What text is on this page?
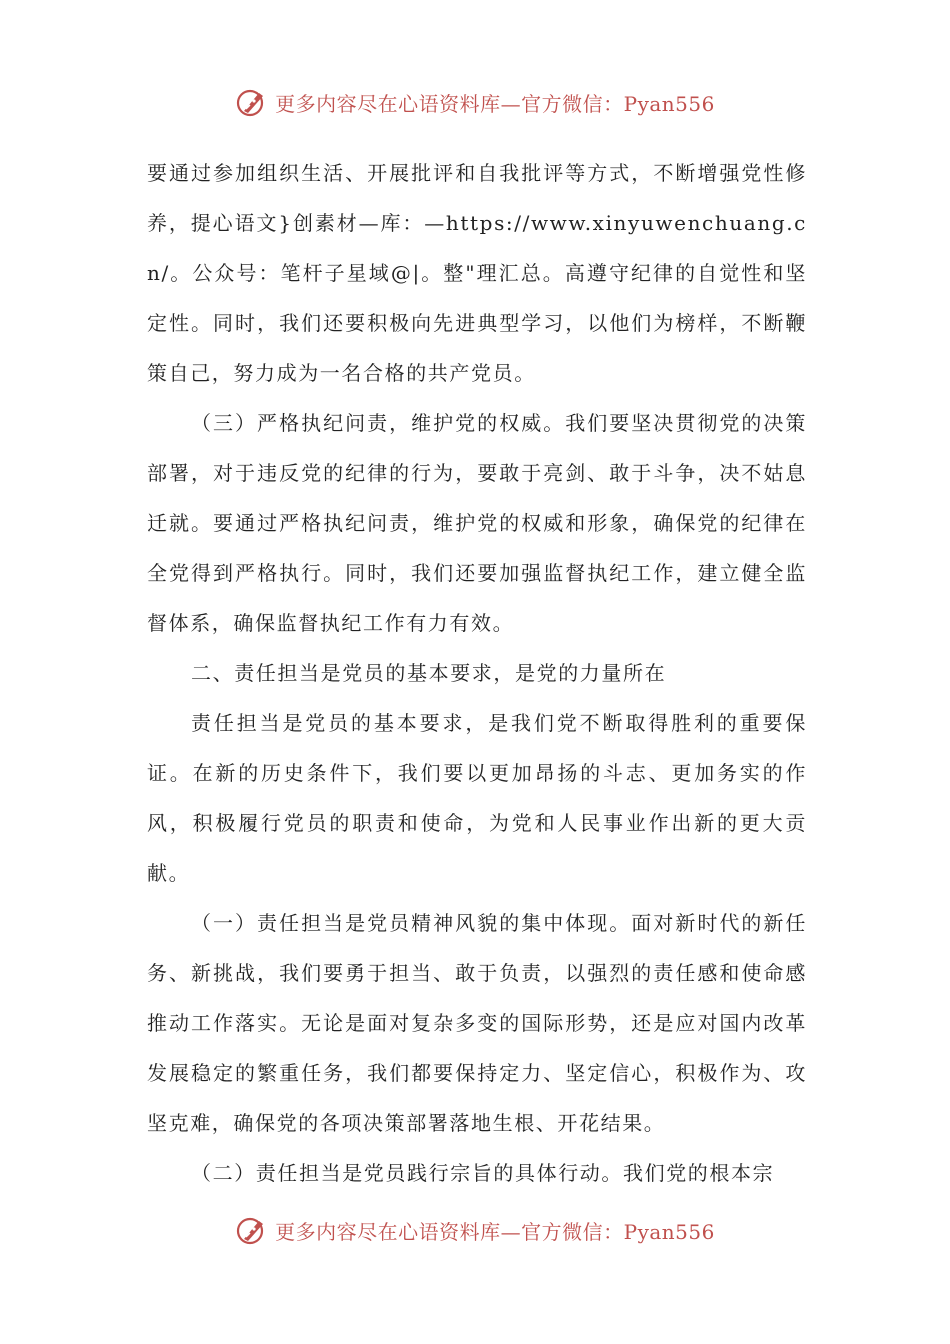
更多内容尽在心语资料库—官方微信：Pyan556

要通过参加组织生活、开展批评和自我批评等方式，不断增强党性修养，提心语文}创素材—库：—https://www.xinyuwenchuang.cn/。公众号：笔杆子星域@|。整"理汇总。高遵守纪律的自觉性和坚定性。同时，我们还要积极向先进典型学习，以他们为榜样，不断鞭策自己，努力成为一名合格的共产党员。

（三）严格执纪问责，维护党的权威。我们要坚决贯彻党的决策部署，对于违反党的纪律的行为，要敢于亮剑、敢于斗争，决不姑息迁就。要通过严格执纪问责，维护党的权威和形象，确保党的纪律在全党得到严格执行。同时，我们还要加强监督执纪工作，建立健全监督体系，确保监督执纪工作有力有效。

二、责任担当是党员的基本要求，是党的力量所在

责任担当是党员的基本要求，是我们党不断取得胜利的重要保证。在新的历史条件下，我们要以更加昂扬的斗志、更加务实的作风，积极履行党员的职责和使命，为党和人民事业作出新的更大贡献。

（一）责任担当是党员精神风貌的集中体现。面对新时代的新任务、新挑战，我们要勇于担当、敢于负责，以强烈的责任感和使命感推动工作落实。无论是面对复杂多变的国际形势，还是应对国内改革发展稳定的繁重任务，我们都要保持定力、坚定信心，积极作为、攻坚克难，确保党的各项决策部署落地生根、开花结果。

（二）责任担当是党员践行宗旨的具体行动。我们党的根本宗

更多内容尽在心语资料库—官方微信：Pyan556
